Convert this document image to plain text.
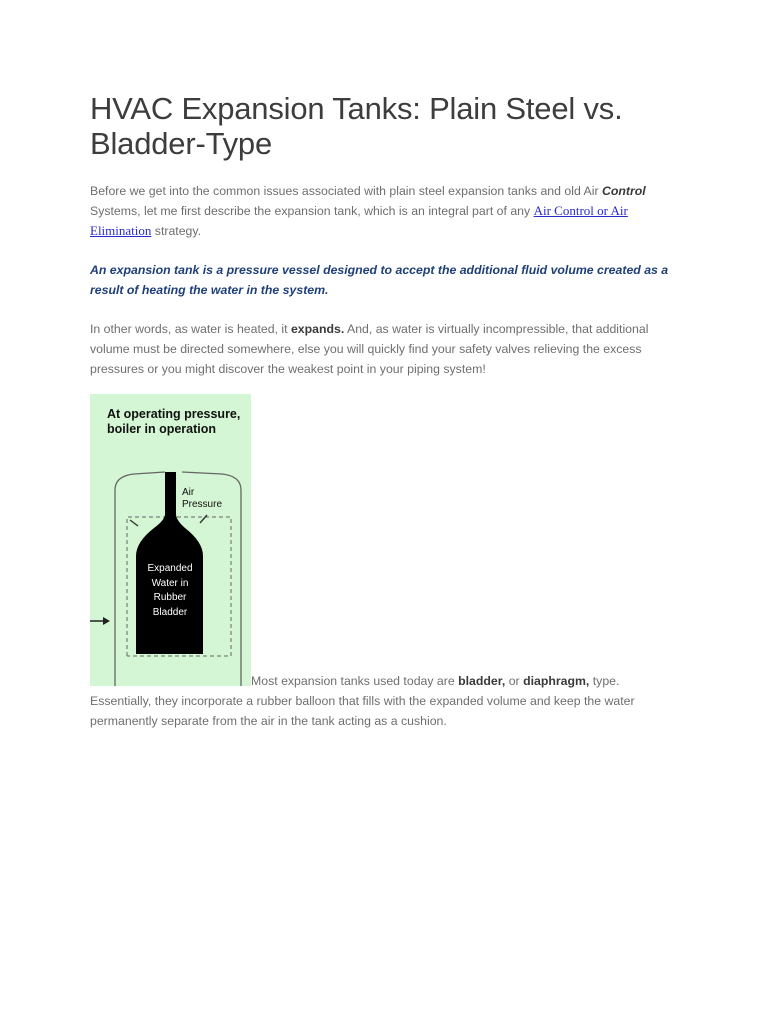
HVAC Expansion Tanks: Plain Steel vs. Bladder-Type

Before we get into the common issues associated with plain steel expansion tanks and old Air Control Systems, let me first describe the expansion tank, which is an integral part of any Air Control or Air Elimination strategy.

An expansion tank is a pressure vessel designed to accept the additional fluid volume created as a result of heating the water in the system.

In other words, as water is heated, it expands. And, as water is virtually incompressible, that additional volume must be directed somewhere, else you will quickly find your safety valves relieving the excess pressures or you might discover the weakest point in your piping system!

At operating pressure,
boiler in operation
Air
Pressure
Expanded
Water in
Rubber
Bladder

Most expansion tanks used today are bladder, or diaphragm, type. Essentially, they incorporate a rubber balloon that fills with the expanded volume and keep the water permanently separate from the air in the tank acting as a cushion.
